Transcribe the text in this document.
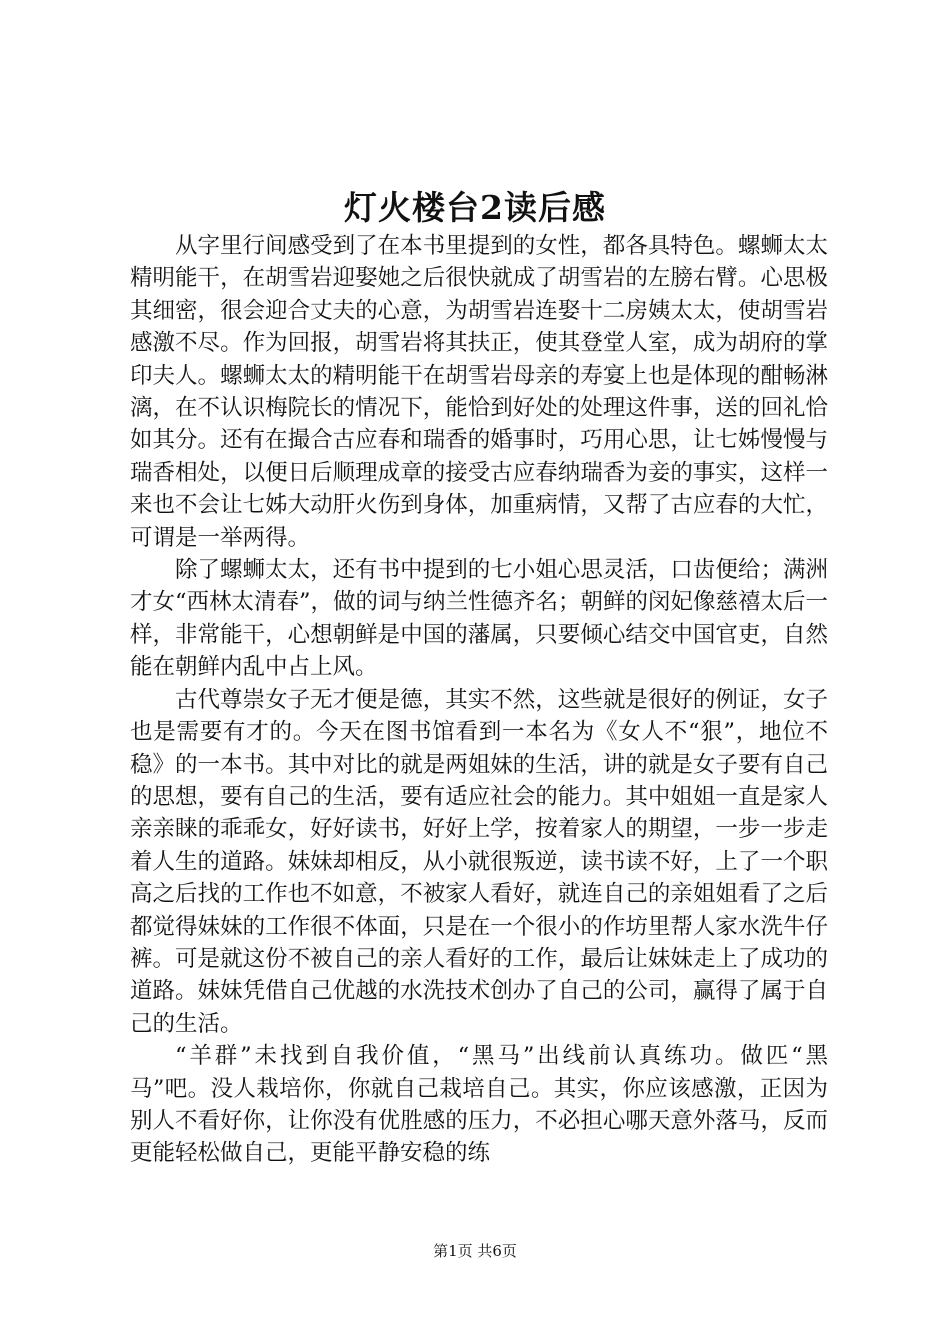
灯火楼台2读后感

从字里行间感受到了在本书里提到的女性，都各具特色。螺蛳太太精明能干，在胡雪岩迎娶她之后很快就成了胡雪岩的左膀右臂。心思极其细密，很会迎合丈夫的心意，为胡雪岩连娶十二房姨太太，使胡雪岩感激不尽。作为回报，胡雪岩将其扶正，使其登堂人室，成为胡府的掌印夫人。螺蛳太太的精明能干在胡雪岩母亲的寿宴上也是体现的酣畅淋漓，在不认识梅院长的情况下，能恰到好处的处理这件事，送的回礼恰如其分。还有在撮合古应春和瑞香的婚事时，巧用心思，让七姊慢慢与瑞香相处，以便日后顺理成章的接受古应春纳瑞香为妾的事实，这样一来也不会让七姊大动肝火伤到身体，加重病情，又帮了古应春的大忙，可谓是一举两得。

除了螺蛳太太，还有书中提到的七小姐心思灵活，口齿便给；满洲才女“西林太清春”，做的词与纳兰性德齐名；朝鲜的闵妃像慈禧太后一样，非常能干，心想朝鲜是中国的藩属，只要倾心结交中国官吏，自然能在朝鲜内乱中占上风。

古代尊崇女子无才便是德，其实不然，这些就是很好的例证，女子也是需要有才的。今天在图书馆看到一本名为《女人不“狠”，地位不稳》的一本书。其中对比的就是两姐妹的生活，讲的就是女子要有自己的思想，要有自己的生活，要有适应社会的能力。其中姐姐一直是家人亲亲睐的乖乖女，好好读书，好好上学，按着家人的期望，一步一步走着人生的道路。妹妹却相反，从小就很叛逆，读书读不好，上了一个职高之后找的工作也不如意，不被家人看好，就连自己的亲姐姐看了之后都觉得妹妹的工作很不体面，只是在一个很小的作坊里帮人家水洗牛仔裤。可是就这份不被自己的亲人看好的工作，最后让妹妹走上了成功的道路。妹妹凭借自己优越的水洗技术创办了自己的公司，赢得了属于自己的生活。

“羊群”未找到自我价值，“黑马”出线前认真练功。做匹“黑马”吧。没人栽培你，你就自己栽培自己。其实，你应该感激，正因为别人不看好你，让你没有优胜感的压力，不必担心哪天意外落马，反而更能轻松做自己，更能平静安稳的练

第1页 共6页
